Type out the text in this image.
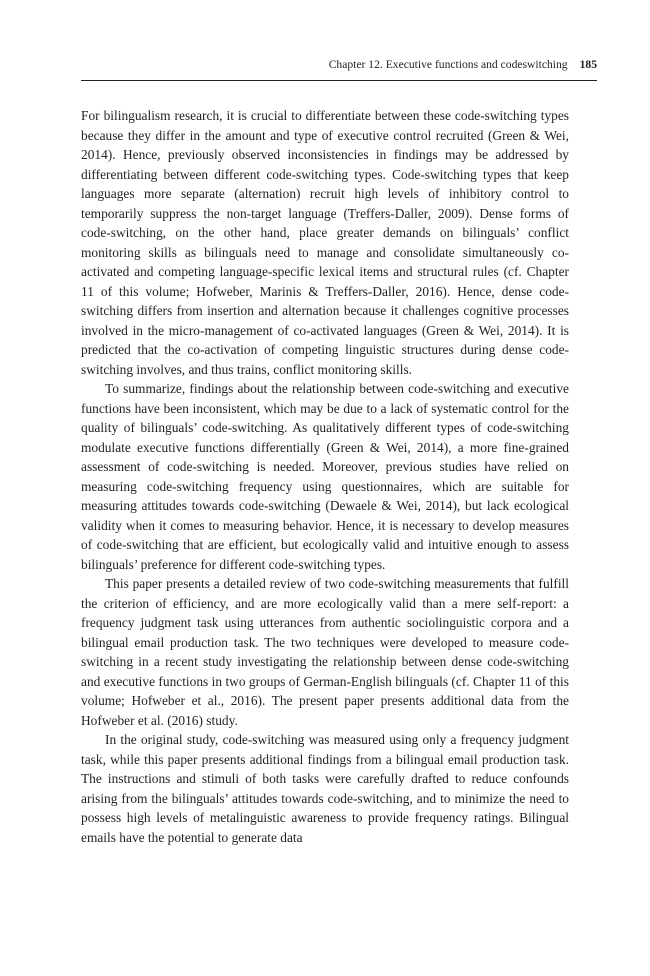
Chapter 12. Executive functions and codeswitching 185

For bilingualism research, it is crucial to differentiate between these code-switching types because they differ in the amount and type of executive control recruited (Green & Wei, 2014). Hence, previously observed inconsistencies in findings may be addressed by differentiating between different code-switching types. Code-switching types that keep languages more separate (alternation) recruit high levels of inhibitory control to temporarily suppress the non-target language (Treffers-Daller, 2009). Dense forms of code-switching, on the other hand, place greater demands on bilinguals’ conflict monitoring skills as bilinguals need to manage and consolidate simultaneously co-activated and competing language-specific lexical items and structural rules (cf. Chapter 11 of this volume; Hofweber, Marinis & Treffers-Daller, 2016). Hence, dense code-switching differs from insertion and alternation because it challenges cognitive processes involved in the micro-management of co-activated languages (Green & Wei, 2014). It is predicted that the co-activation of competing linguistic structures during dense code-switching involves, and thus trains, conflict monitoring skills.

To summarize, findings about the relationship between code-switching and executive functions have been inconsistent, which may be due to a lack of systematic control for the quality of bilinguals’ code-switching. As qualitatively different types of code-switching modulate executive functions differentially (Green & Wei, 2014), a more fine-grained assessment of code-switching is needed. Moreover, previous studies have relied on measuring code-switching frequency using questionnaires, which are suitable for measuring attitudes towards code-switching (Dewaele & Wei, 2014), but lack ecological validity when it comes to measuring behavior. Hence, it is necessary to develop measures of code-switching that are efficient, but ecologically valid and intuitive enough to assess bilinguals’ preference for different code-switching types.

This paper presents a detailed review of two code-switching measurements that fulfill the criterion of efficiency, and are more ecologically valid than a mere self-report: a frequency judgment task using utterances from authentic sociolinguistic corpora and a bilingual email production task. The two techniques were developed to measure code-switching in a recent study investigating the relationship between dense code-switching and executive functions in two groups of German-English bilinguals (cf. Chapter 11 of this volume; Hofweber et al., 2016). The present paper presents additional data from the Hofweber et al. (2016) study.

In the original study, code-switching was measured using only a frequency judgment task, while this paper presents additional findings from a bilingual email production task. The instructions and stimuli of both tasks were carefully drafted to reduce confounds arising from the bilinguals’ attitudes towards code-switching, and to minimize the need to possess high levels of metalinguistic awareness to provide frequency ratings. Bilingual emails have the potential to generate data
